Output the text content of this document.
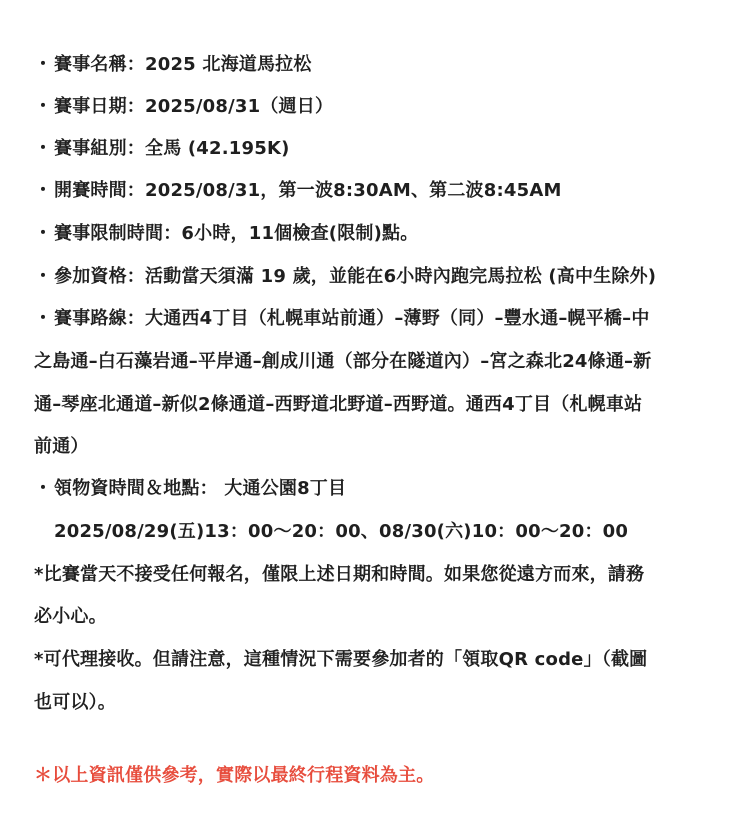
・ 賽事名稱：2025 北海道馬拉松
・ 賽事日期：2025/08/31（週日）
・ 賽事組別：全馬 (42.195K)
・ 開賽時間：2025/08/31，第一波8:30AM、第二波8:45AM
・ 賽事限制時間：6小時，11個檢查(限制)點。
・ 參加資格：活動當天須滿 19 歲，並能在6小時內跑完馬拉松 (高中生除外)
・ 賽事路線：大通西4丁目（札幌車站前通）–薄野（同）–豐水通–幌平橋–中
之島通–白石藻岩通–平岸通–創成川通（部分在隧道內）–宮之森北24條通–新
通–琴座北通道–新似2條通道–西野道北野道–西野道。通西4丁目（札幌車站
前通）
・ 領物資時間＆地點： 大通公園8丁目
2025/08/29(五)13：00～20：00、08/30(六)10：00～20：00
*比賽當天不接受任何報名，僅限上述日期和時間。如果您從遠方而來，請務
必小心。
*可代理接收。但請注意，這種情況下需要參加者的「領取QR code」（截圖
也可以）。
＊以上資訊僅供參考，實際以最終行程資料為主。
